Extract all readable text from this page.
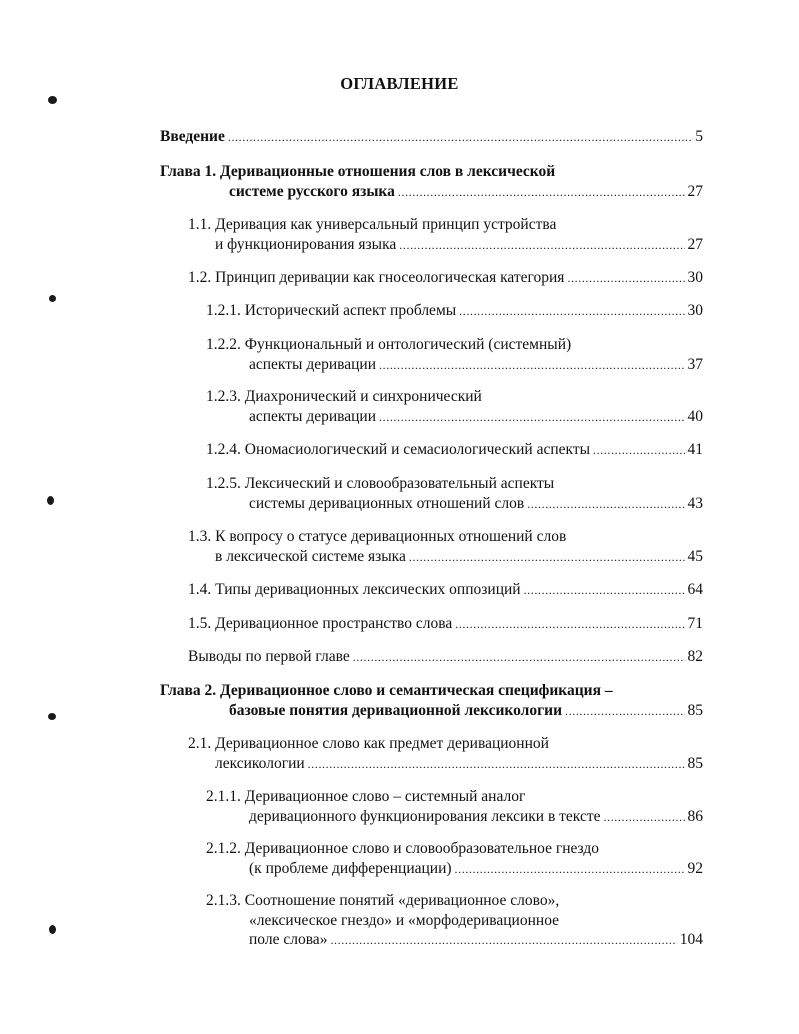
ОГЛАВЛЕНИЕ
Введение .....	5
Глава 1. Деривационные отношения слов в лексической
системе русского языка .....	27
1.1. Деривация как универсальный принцип устройства
и функционирования языка .....	27
1.2. Принцип деривации как гносеологическая категория .....	30
1.2.1. Исторический аспект проблемы .....	30
1.2.2. Функциональный и онтологический (системный)
аспекты деривации .....	37
1.2.3. Диахронический и синхронический
аспекты деривации .....	40
1.2.4. Ономасиологический и семасиологический аспекты .....	41
1.2.5. Лексический и словообразовательный аспекты
системы деривационных отношений слов .....	43
1.3. К вопросу о статусе деривационных отношений слов
в лексической системе языка .....	45
1.4. Типы деривационных лексических оппозиций .....	64
1.5. Деривационное пространство слова .....	71
Выводы по первой главе .....	82
Глава 2. Деривационное слово и семантическая спецификация –
базовые понятия деривационной лексикологии .....	85
2.1. Деривационное слово как предмет деривационной
лексикологии .....	85
2.1.1. Деривационное слово – системный аналог
деривационного функционирования лексики в тексте .....	86
2.1.2. Деривационное слово и словообразовательное гнездо
(к проблеме дифференциации) .....	92
2.1.3. Соотношение понятий «деривационное слово»,
«лексическое гнездо» и «морфодеривационное
поле слова» .....	104
